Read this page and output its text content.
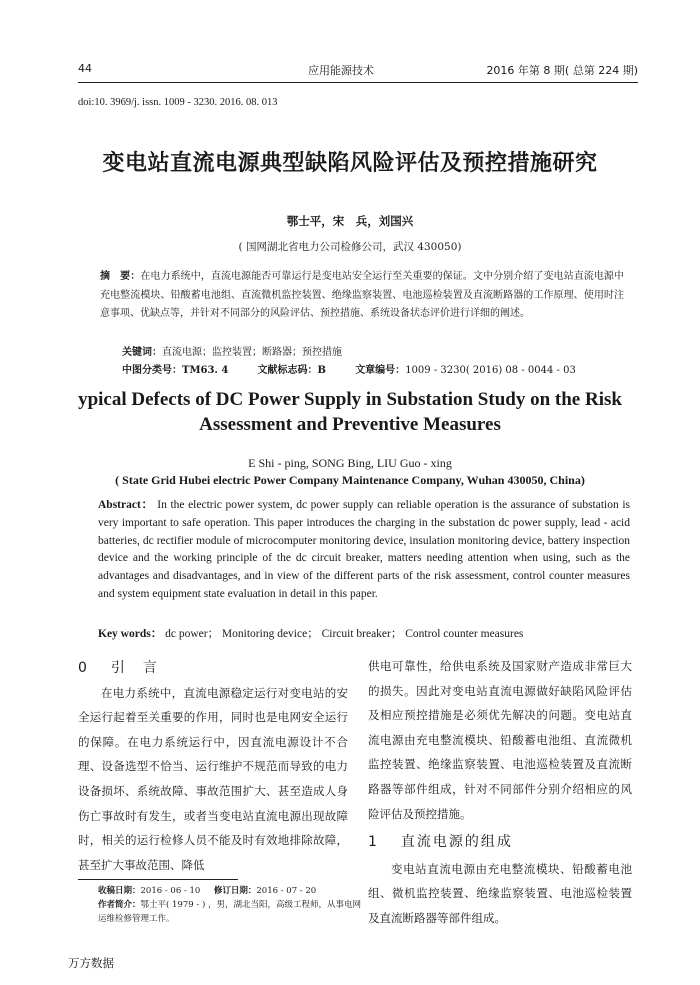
44	应用能源技术	2016 年第 8 期( 总第 224 期)
doi:10. 3969/j. issn. 1009 - 3230. 2016. 08. 013
变电站直流电源典型缺陷风险评估及预控措施研究
鄂士平，宋　兵，刘国兴
( 国网湖北省电力公司检修公司，武汉 430050)
摘　要：在电力系统中，直流电源能否可靠运行是变电站安全运行至关重要的保证。文中分别介绍了变电站直流电源中充电整流模块、铅酸蓄电池组、直流微机监控装置、绝缘监察装置、电池巡检装置及直流断路器的工作原理、使用时注意事项、优缺点等，并针对不同部分的风险评估、预控措施、系统设备状态评价进行详细的阐述。
关键词：直流电源；监控装置；断路器；预控措施
中图分类号：TM63. 4	文献标志码：B	文章编号：1009 - 3230( 2016) 08 - 0044 - 03
ypical Defects of DC Power Supply in Substation Study on the Risk Assessment and Preventive Measures
E Shi - ping, SONG Bing, LIU Guo - xing
( State Grid Hubei electric Power Company Maintenance Company, Wuhan 430050, China)
Abstract： In the electric power system, dc power supply can reliable operation is the assurance of substation is very important to safe operation. This paper introduces the charging in the substation dc power supply, lead - acid batteries, dc rectifier module of microcomputer monitoring device, insulation monitoring device, battery inspection device and the working principle of the dc circuit breaker, matters needing attention when using, such as the advantages and disadvantages, and in view of the different parts of the risk assessment, control counter measures and system equipment state evaluation in detail in this paper.
Key words： dc power； Monitoring device； Circuit breaker； Control counter measures
0 引　言

在电力系统中，直流电源稳定运行对变电站的安全运行起着至关重要的作用，同时也是电网安全运行的保障。在电力系统运行中，因直流电源设计不合理、设备选型不恰当、运行维护不规范而导致的电力设备损坏、系统故障、事故范围扩大、甚至造成人身伤亡事故时有发生，或者当变电站直流电源出现故障时，相关的运行检修人员不能及时有效地排除故障，甚至扩大事故范围、降低

供电可靠性，给供电系统及国家财产造成非常巨大的损失。因此对变电站直流电源做好缺陷风险评估及相应预控措施是必须优先解决的问题。变电站直流电源由充电整流模块、铅酸蓄电池组、直流微机监控装置、绝缘监察装置、电池巡检装置及直流断路器等部件组成，针对不同部件分别介绍相应的风险评估及预控措施。

1 直流电源的组成

变电站直流电源由充电整流模块、铅酸蓄电池组、微机监控装置、绝缘监察装置、电池巡检装置及直流断路器等部件组成。

收稿日期：2016 - 06 - 10 修订日期：2016 - 07 - 20
作者简介：鄂士平( 1979 - ) ，男，湖北当阳，高级工程师，从事电网运维检修管理工作。
万方数据
